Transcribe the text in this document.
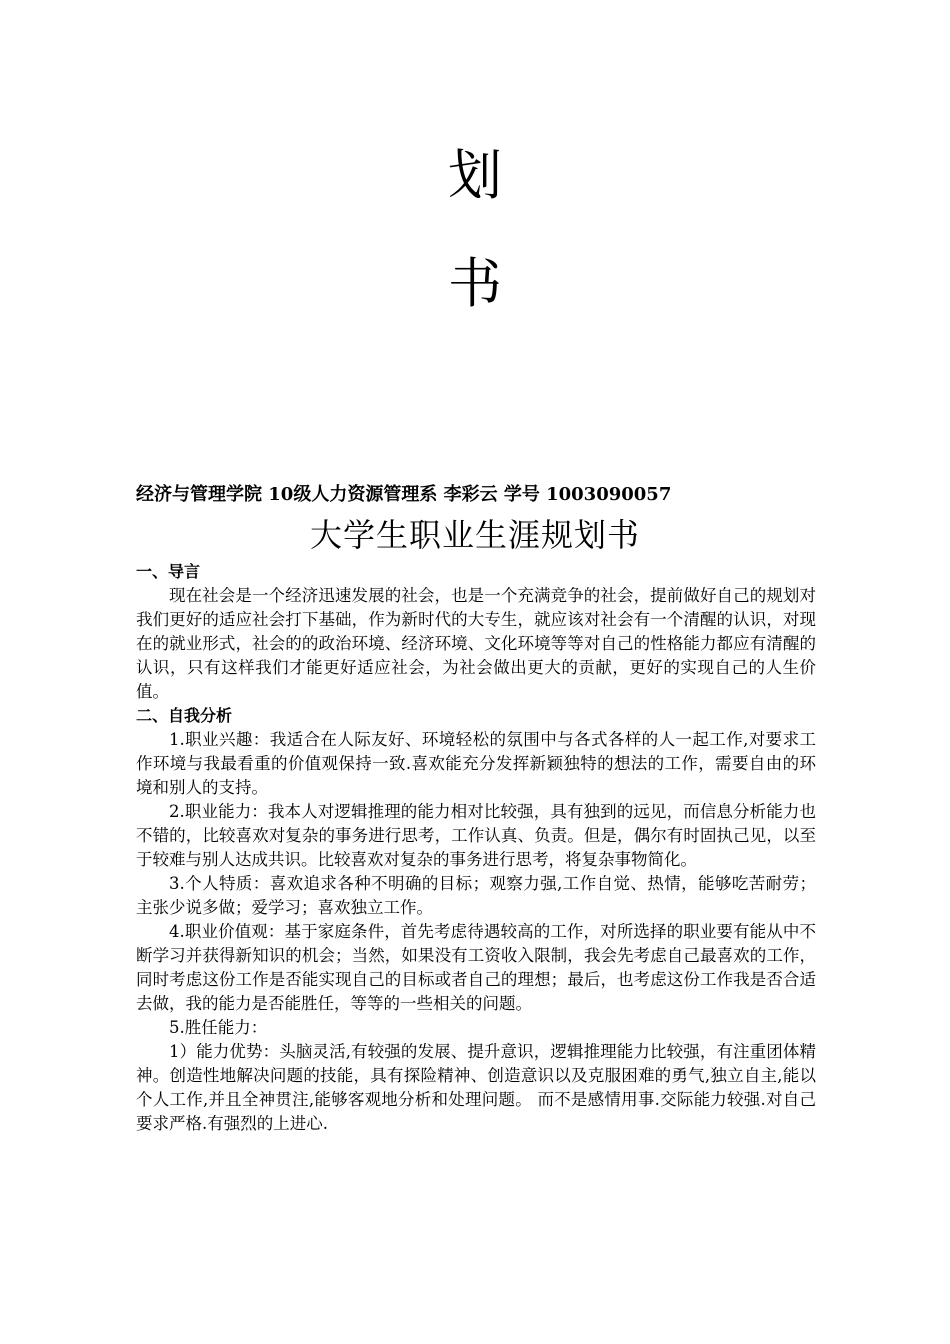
划
书
经济与管理学院 10级人力资源管理系 李彩云 学号 1003090057
大学生职业生涯规划书

一、导言

现在社会是一个经济迅速发展的社会，也是一个充满竞争的社会，提前做好自己的规划对我们更好的适应社会打下基础，作为新时代的大专生，就应该对社会有一个清醒的认识，对现在的就业形式，社会的的政治环境、经济环境、文化环境等等对自己的性格能力都应有清醒的认识，只有这样我们才能更好适应社会，为社会做出更大的贡献，更好的实现自己的人生价值。

二、自我分析

1.职业兴趣：我适合在人际友好、环境轻松的氛围中与各式各样的人一起工作,对要求工作环境与我最看重的价值观保持一致.喜欢能充分发挥新颖独特的想法的工作，需要自由的环境和别人的支持。

2.职业能力：我本人对逻辑推理的能力相对比较强，具有独到的远见，而信息分析能力也不错的，比较喜欢对复杂的事务进行思考，工作认真、负责。但是，偶尔有时固执己见，以至于较难与别人达成共识。比较喜欢对复杂的事务进行思考，将复杂事物简化。

3.个人特质：喜欢追求各种不明确的目标；观察力强,工作自觉、热情，能够吃苦耐劳；主张少说多做；爱学习；喜欢独立工作。

4.职业价值观：基于家庭条件，首先考虑待遇较高的工作，对所选择的职业要有能从中不断学习并获得新知识的机会；当然，如果没有工资收入限制，我会先考虑自己最喜欢的工作，同时考虑这份工作是否能实现自己的目标或者自己的理想；最后，也考虑这份工作我是否合适去做，我的能力是否能胜任，等等的一些相关的问题。

5.胜任能力：

1）能力优势：头脑灵活,有较强的发展、提升意识，逻辑推理能力比较强，有注重团体精神。创造性地解决问题的技能，具有探险精神、创造意识以及克服困难的勇气,独立自主,能以个人工作,并且全神贯注,能够客观地分析和处理问题。 而不是感情用事.交际能力较强.对自己要求严格.有强烈的上进心.
